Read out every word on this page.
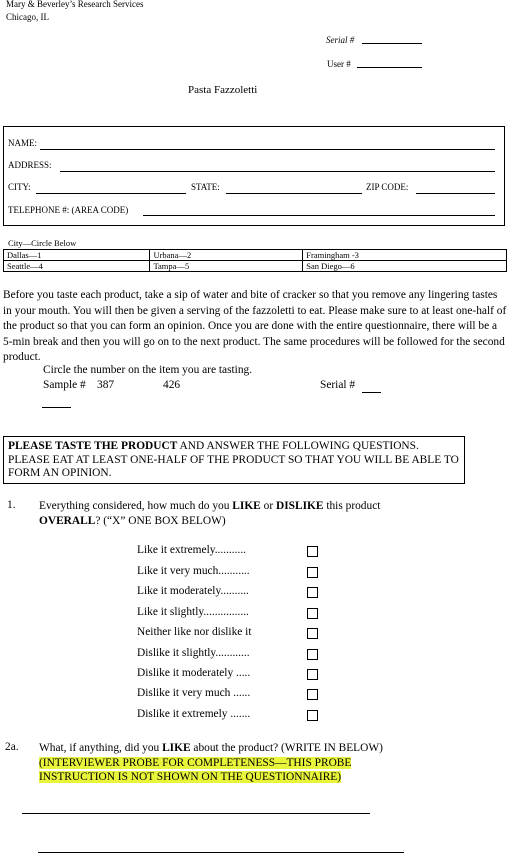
Mary & Beverley’s Research Services
Chicago, IL
Serial #
User #
Pasta Fazzoletti
NAME:
ADDRESS:
CITY:	STATE:	ZIP CODE:
TELEPHONE #: (AREA CODE)
City—Circle Below
Dallas—1	Urbana—2	Framingham -3
Seattle—4	Tampa—5	San Diego—6
Before you taste each product, take a sip of water and bite of cracker so that you remove any lingering tastes in your mouth. You will then be given a serving of the fazzoletti to eat. Please make sure to at least one-half of the product so that you can form an opinion. Once you are done with the entire questionnaire, there will be a 5-min break and then you will go on to the next product. The same procedures will be followed for the second product.
Circle the number on the item you are tasting.
Sample # 387	426	Serial #
PLEASE TASTE THE PRODUCT AND ANSWER THE FOLLOWING QUESTIONS. PLEASE EAT AT LEAST ONE-HALF OF THE PRODUCT SO THAT YOU WILL BE ABLE TO FORM AN OPINION.
1. Everything considered, how much do you LIKE or DISLIKE this product
OVERALL? (“X” ONE BOX BELOW)
Like it extremely...........
Like it very much...........
Like it moderately..........
Like it slightly................
Neither like nor dislike it
Dislike it slightly............
Dislike it moderately .....
Dislike it very much ......
Dislike it extremely .......
2a. What, if anything, did you LIKE about the product? (WRITE IN BELOW)
(INTERVIEWER PROBE FOR COMPLETENESS—THIS PROBE
INSTRUCTION IS NOT SHOWN ON THE QUESTIONNAIRE)
